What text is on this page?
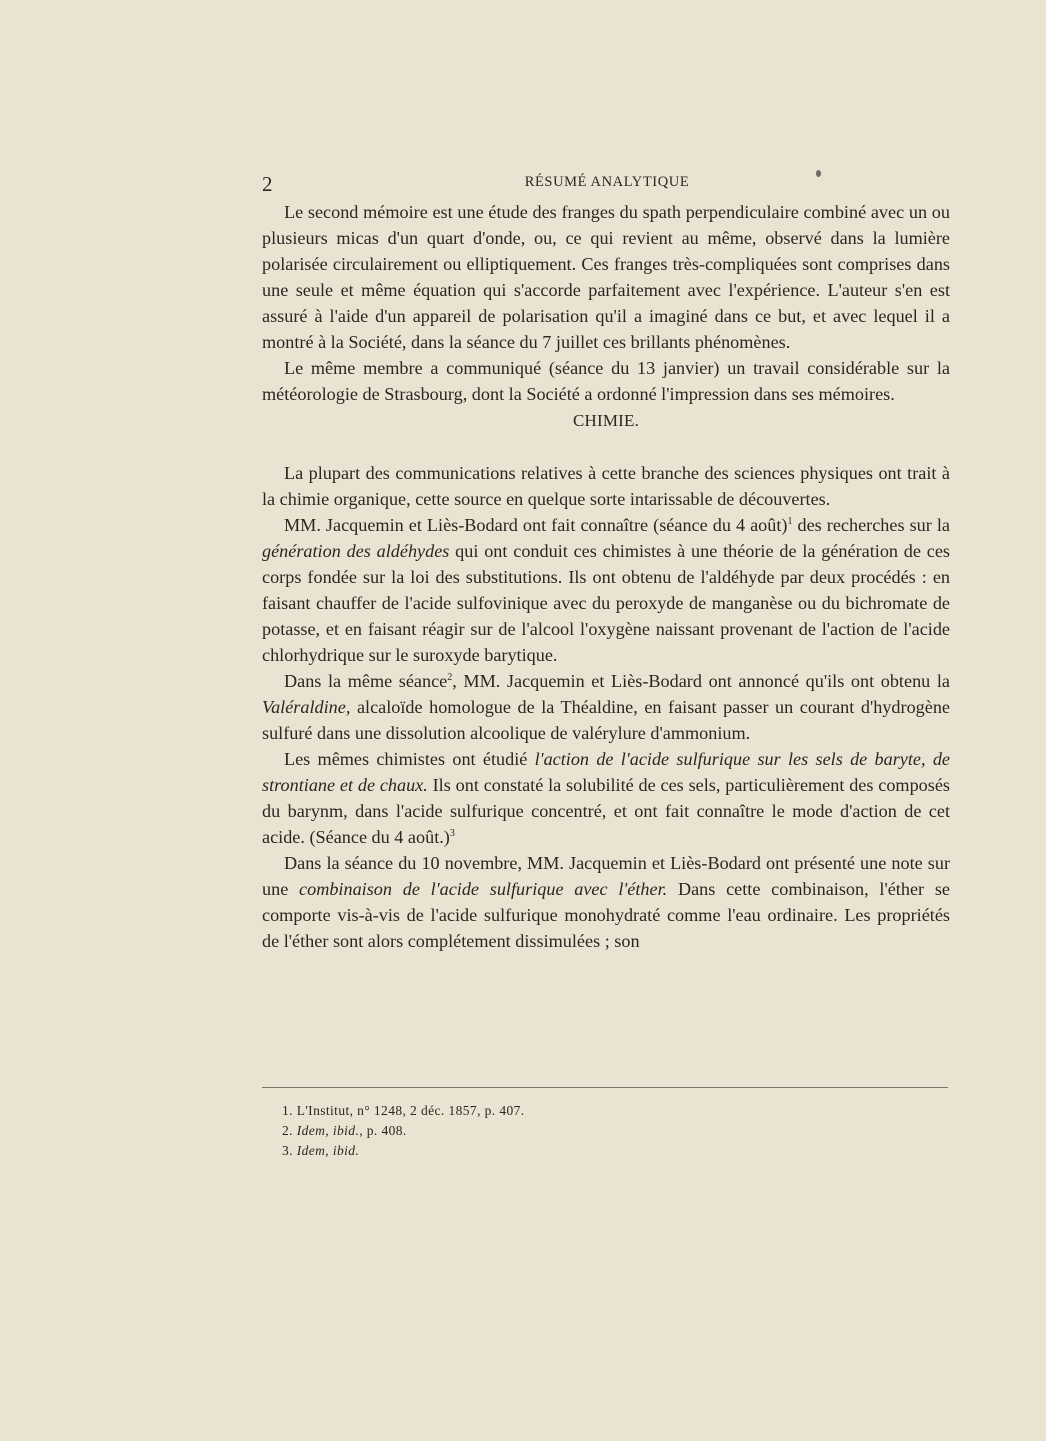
2	RÉSUMÉ ANALYTIQUE

Le second mémoire est une étude des franges du spath perpendiculaire combiné avec un ou plusieurs micas d'un quart d'onde, ou, ce qui revient au même, observé dans la lumière polarisée circulairement ou elliptiquement. Ces franges très-compliquées sont comprises dans une seule et même équation qui s'accorde parfaitement avec l'expérience. L'auteur s'en est assuré à l'aide d'un appareil de polarisation qu'il a imaginé dans ce but, et avec lequel il a montré à la Société, dans la séance du 7 juillet ces brillants phénomènes.

Le même membre a communiqué (séance du 13 janvier) un travail considérable sur la météorologie de Strasbourg, dont la Société a ordonné l'impression dans ses mémoires.

CHIMIE.

La plupart des communications relatives à cette branche des sciences physiques ont trait à la chimie organique, cette source en quelque sorte intarissable de découvertes.

MM. Jacquemin et Liès-Bodard ont fait connaître (séance du 4 août)$^1$ des recherches sur la génération des aldéhydes qui ont conduit ces chimistes à une théorie de la génération de ces corps fondée sur la loi des substitutions. Ils ont obtenu de l'aldéhyde par deux procédés : en faisant chauffer de l'acide sulfovinique avec du peroxyde de manganèse ou du bichromate de potasse, et en faisant réagir sur de l'alcool l'oxygène naissant provenant de l'action de l'acide chlorhydrique sur le suroxyde barytique.

Dans la même séance$^2$, MM. Jacquemin et Liès-Bodard ont annoncé qu'ils ont obtenu la Valéraldine, alcaloïde homologue de la Théaldine, en faisant passer un courant d'hydrogène sulfuré dans une dissolution alcoolique de valérylure d'ammonium.

Les mêmes chimistes ont étudié l'action de l'acide sulfurique sur les sels de baryte, de strontiane et de chaux. Ils ont constaté la solubilité de ces sels, particulièrement des composés du barynm, dans l'acide sulfurique concentré, et ont fait connaître le mode d'action de cet acide. (Séance du 4 août.)$^3$

Dans la séance du 10 novembre, MM. Jacquemin et Liès-Bodard ont présenté une note sur une combinaison de l'acide sulfurique avec l'éther. Dans cette combinaison, l'éther se comporte vis-à-vis de l'acide sulfurique monohydraté comme l'eau ordinaire. Les propriétés de l'éther sont alors complétement dissimulées ; son

1. L'Institut, n° 1248, 2 déc. 1857, p. 407.
2. Idem, ibid., p. 408.
3. Idem, ibid.
